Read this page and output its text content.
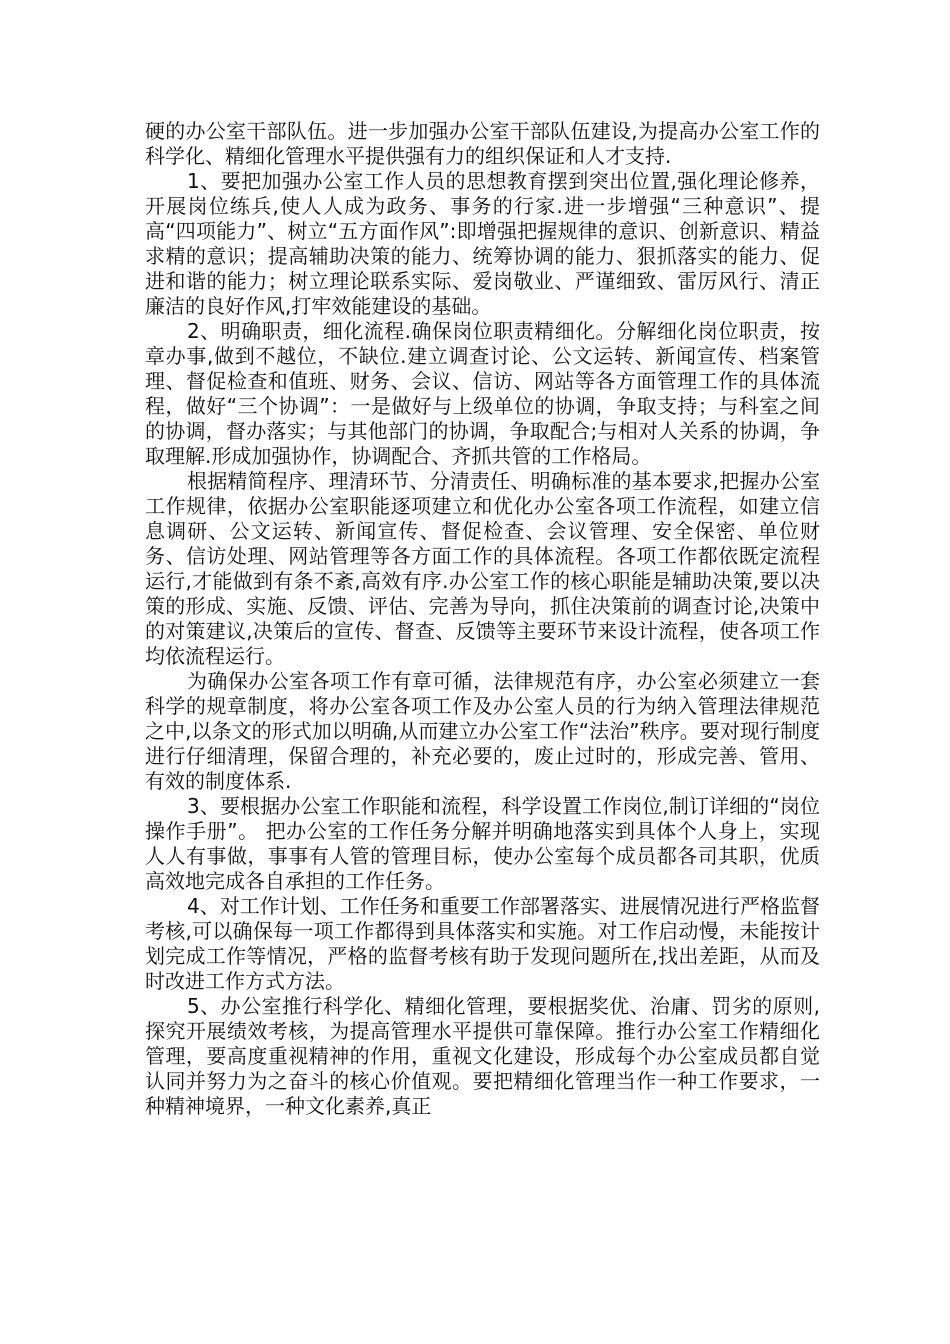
硬的办公室干部队伍。进一步加强办公室干部队伍建设,为提高办公室工作的科学化、精细化管理水平提供强有力的组织保证和人才支持.

1、要把加强办公室工作人员的思想教育摆到突出位置,强化理论修养，开展岗位练兵,使人人成为政务、事务的行家.进一步增强“三种意识”、提高“四项能力”、树立“五方面作风”:即增强把握规律的意识、创新意识、精益求精的意识；提高辅助决策的能力、统筹协调的能力、狠抓落实的能力、促进和谐的能力；树立理论联系实际、爱岗敬业、严谨细致、雷厉风行、清正廉洁的良好作风,打牢效能建设的基础。

2、明确职责，细化流程.确保岗位职责精细化。分解细化岗位职责，按章办事,做到不越位，不缺位.建立调查讨论、公文运转、新闻宣传、档案管理、督促检查和值班、财务、会议、信访、网站等各方面管理工作的具体流程，做好“三个协调”：一是做好与上级单位的协调，争取支持；与科室之间的协调，督办落实；与其他部门的协调，争取配合;与相对人关系的协调，争取理解.形成加强协作，协调配合、齐抓共管的工作格局。

根据精简程序、理清环节、分清责任、明确标准的基本要求,把握办公室工作规律，依据办公室职能逐项建立和优化办公室各项工作流程，如建立信息调研、公文运转、新闻宣传、督促检查、会议管理、安全保密、单位财务、信访处理、网站管理等各方面工作的具体流程。各项工作都依既定流程运行,才能做到有条不紊,高效有序.办公室工作的核心职能是辅助决策,要以决策的形成、实施、反馈、评估、完善为导向，抓住决策前的调查讨论,决策中的对策建议,决策后的宣传、督查、反馈等主要环节来设计流程，使各项工作均依流程运行。

为确保办公室各项工作有章可循，法律规范有序，办公室必须建立一套科学的规章制度，将办公室各项工作及办公室人员的行为纳入管理法律规范之中,以条文的形式加以明确,从而建立办公室工作“法治”秩序。要对现行制度进行仔细清理，保留合理的，补充必要的，废止过时的，形成完善、管用、有效的制度体系.

3、要根据办公室工作职能和流程，科学设置工作岗位,制订详细的“岗位操作手册”。 把办公室的工作任务分解并明确地落实到具体个人身上，实现人人有事做，事事有人管的管理目标，使办公室每个成员都各司其职，优质高效地完成各自承担的工作任务。

4、对工作计划、工作任务和重要工作部署落实、进展情况进行严格监督考核,可以确保每一项工作都得到具体落实和实施。对工作启动慢，未能按计划完成工作等情况，严格的监督考核有助于发现问题所在,找出差距，从而及时改进工作方式方法。

5、办公室推行科学化、精细化管理，要根据奖优、治庸、罚劣的原则,探究开展绩效考核，为提高管理水平提供可靠保障。推行办公室工作精细化管理，要高度重视精神的作用，重视文化建设，形成每个办公室成员都自觉认同并努力为之奋斗的核心价值观。要把精细化管理当作一种工作要求，一种精神境界，一种文化素养,真正
